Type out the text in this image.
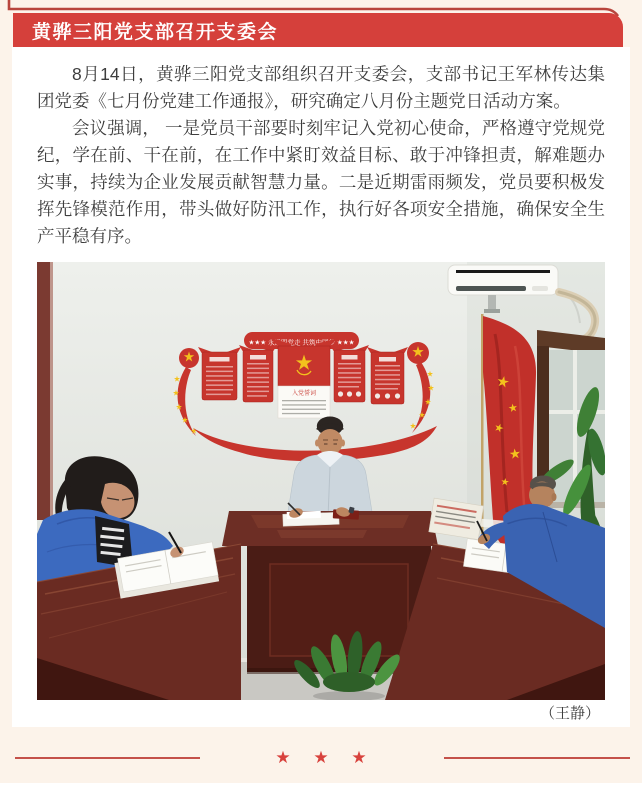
黄骅三阳党支部召开支委会

8月14日，黄骅三阳党支部组织召开支委会，支部书记王军林传达集团党委《七月份党建工作通报》，研究确定八月份主题党日活动方案。

会议强调， 一是党员干部要时刻牢记入党初心使命，严格遵守党规党纪，学在前、干在前，在工作中紧盯效益目标、敢于冲锋担责，解难题办实事，持续为企业发展贡献智慧力量。二是近期雷雨频发，党员要积极发挥先锋模范作用，带头做好防汛工作，执行好各项安全措施，确保安全生产平稳有序。

★★★ 永远跟党走 共筑中国梦 ★★★
入党誓词
（王静）
★ ★ ★
